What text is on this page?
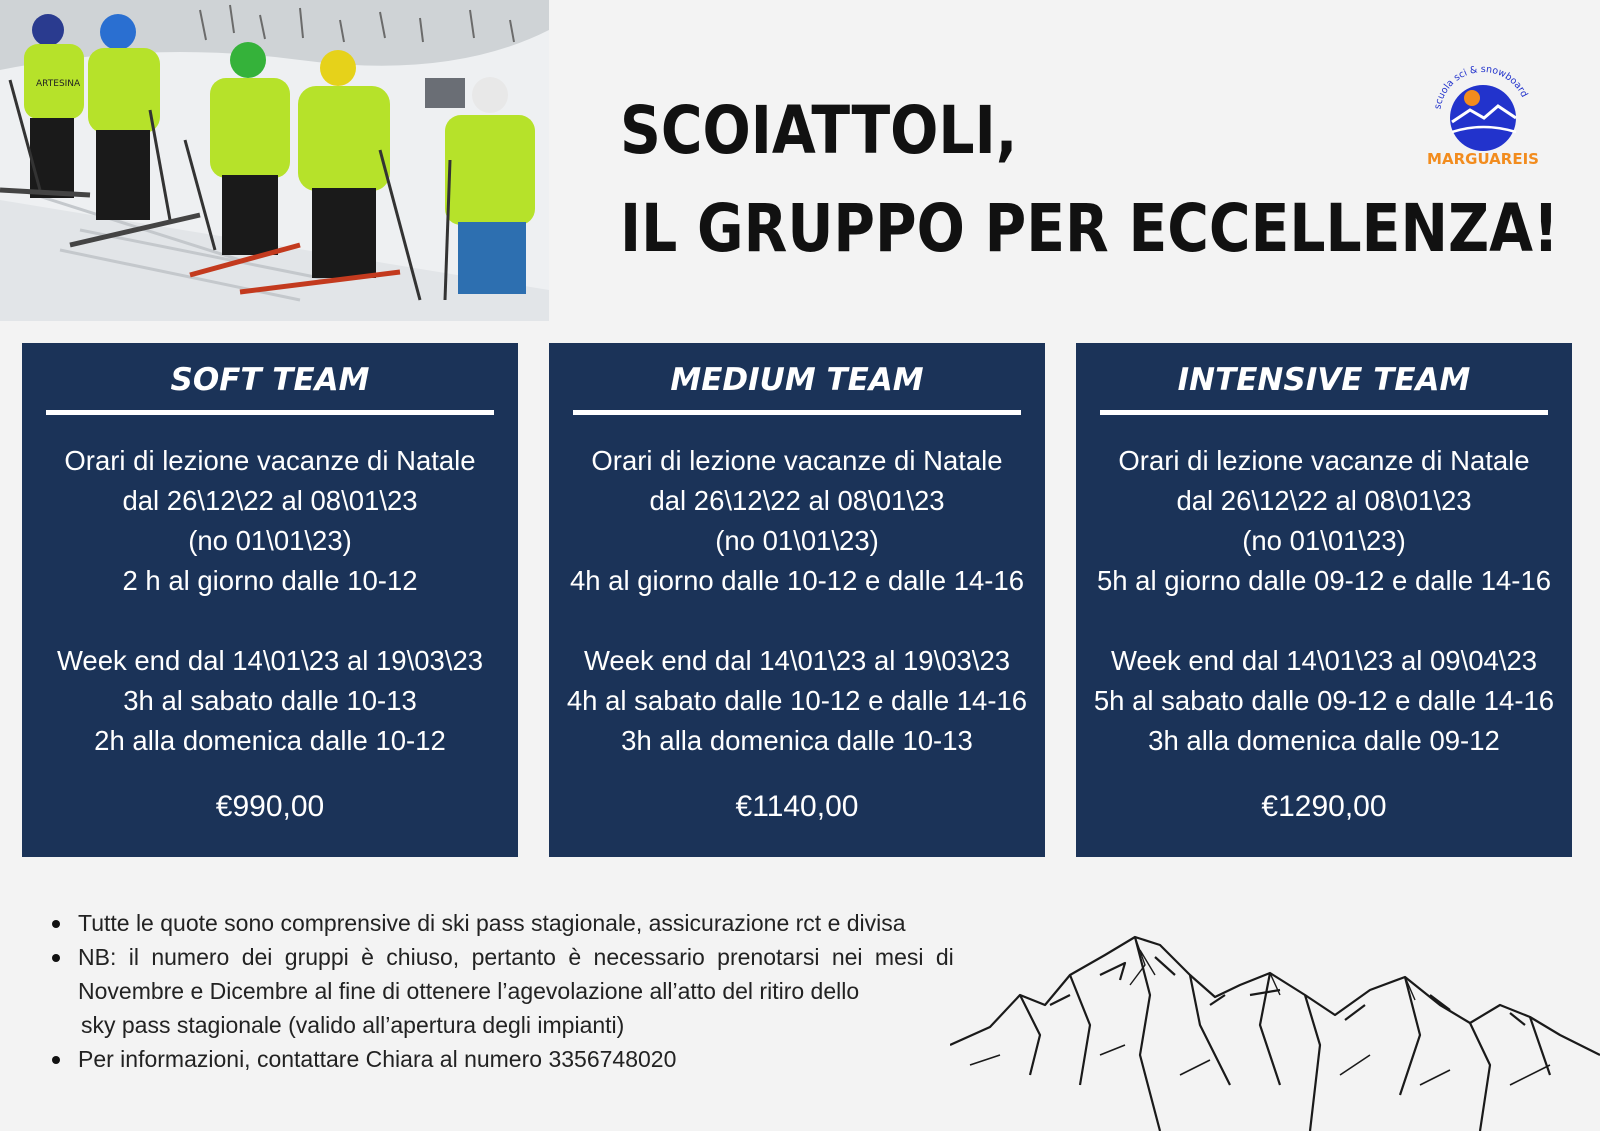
ARTESINA
SCOIATTOLI,
IL GRUPPO PER ECCELLENZA!
scuola sci & snowboard
MARGUAREIS
SOFT TEAM
Orari di lezione vacanze di Natale
dal 26\12\22 al 08\01\23
(no 01\01\23)
2 h al giorno dalle 10-12
Week end dal 14\01\23 al 19\03\23
3h al sabato dalle 10-13
2h alla domenica dalle 10-12
€990,00
MEDIUM TEAM
Orari di lezione vacanze di Natale
dal 26\12\22 al 08\01\23
(no 01\01\23)
4h al giorno dalle 10-12 e dalle 14-16
Week end dal 14\01\23 al 19\03\23
4h al sabato dalle 10-12 e dalle 14-16
3h alla domenica dalle 10-13
€1140,00
INTENSIVE TEAM
Orari di lezione vacanze di Natale
dal 26\12\22 al 08\01\23
(no 01\01\23)
5h al giorno dalle 09-12 e dalle 14-16
Week end dal 14\01\23 al 09\04\23
5h al sabato dalle 09-12 e dalle 14-16
3h alla domenica dalle 09-12
€1290,00
Tutte le quote sono comprensive di ski pass stagionale, assicurazione rct e divisa
NB: il numero dei gruppi è chiuso, pertanto è necessario prenotarsi nei mesi di
Novembre e Dicembre al fine di ottenere l’agevolazione all’atto del ritiro dello
sky pass stagionale (valido all’apertura degli impianti)
Per informazioni, contattare Chiara al numero 3356748020
